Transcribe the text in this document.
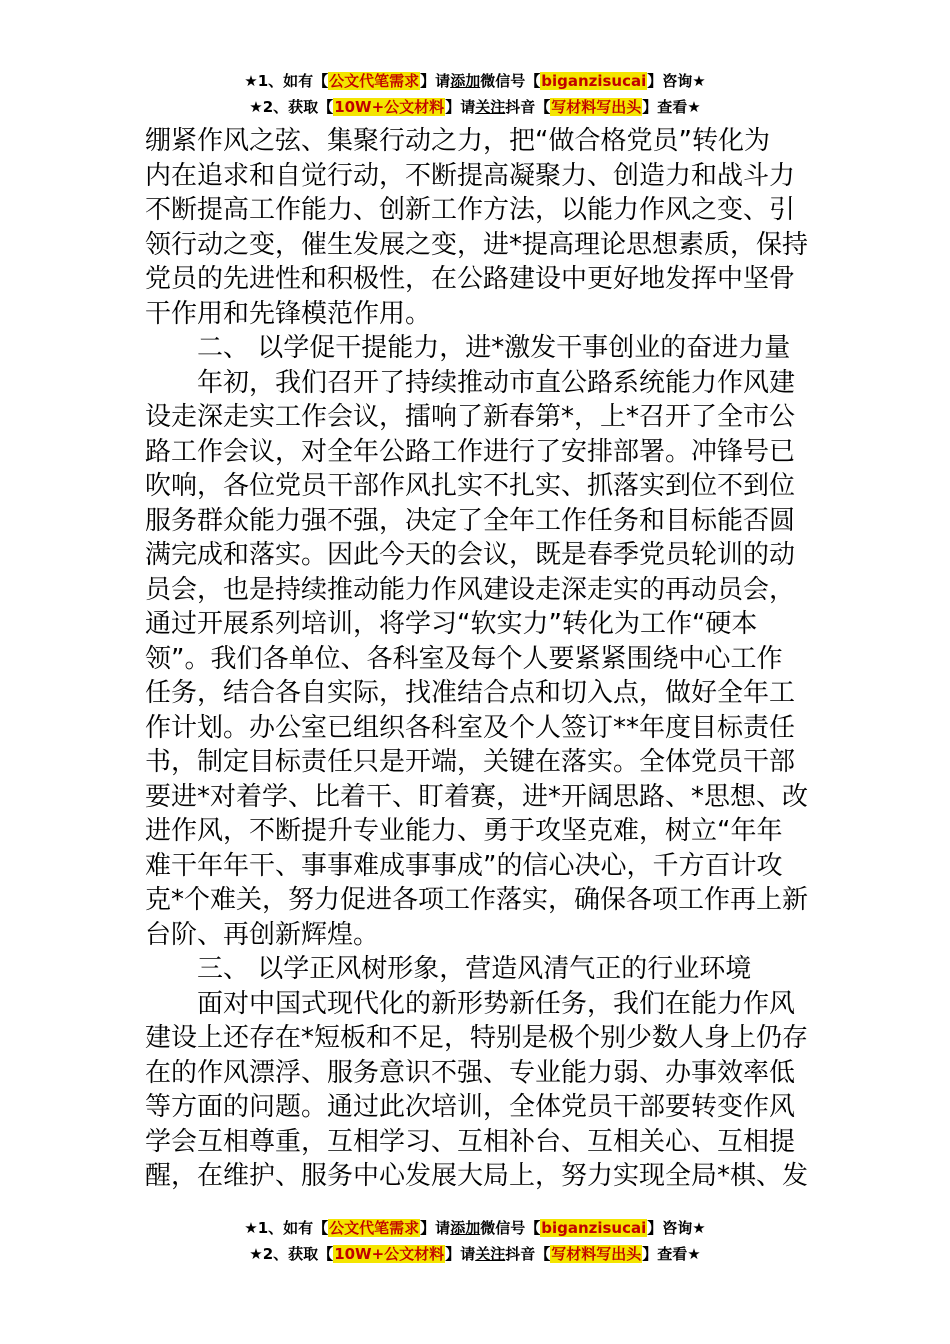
★1、如有【公文代笔需求】请添加微信号【biganzisucai】咨询★
★2、获取【10W+公文材料】请关注抖音【写材料写出头】查看★
绷紧作风之弦、集聚行动之力，把“做合格党员”转化为
内在追求和自觉行动，不断提高凝聚力、创造力和战斗力
不断提高工作能力、创新工作方法，以能力作风之变、引
领行动之变，催生发展之变，进*提高理论思想素质，保持
党员的先进性和积极性，在公路建设中更好地发挥中坚骨
干作用和先锋模范作用。
二、 以学促干提能力，进*激发干事创业的奋进力量
年初，我们召开了持续推动市直公路系统能力作风建
设走深走实工作会议，擂响了新春第*，上*召开了全市公
路工作会议，对全年公路工作进行了安排部署。冲锋号已
吹响，各位党员干部作风扎实不扎实、抓落实到位不到位
服务群众能力强不强，决定了全年工作任务和目标能否圆
满完成和落实。因此今天的会议，既是春季党员轮训的动
员会，也是持续推动能力作风建设走深走实的再动员会，
通过开展系列培训，将学习“软实力”转化为工作“硬本
领”。我们各单位、各科室及每个人要紧紧围绕中心工作
任务，结合各自实际，找准结合点和切入点，做好全年工
作计划。办公室已组织各科室及个人签订**年度目标责任
书，制定目标责任只是开端，关键在落实。全体党员干部
要进*对着学、比着干、盯着赛，进*开阔思路、*思想、改
进作风，不断提升专业能力、勇于攻坚克难，树立“年年
难干年年干、事事难成事事成”的信心决心，千方百计攻
克*个难关，努力促进各项工作落实，确保各项工作再上新
台阶、再创新辉煌。
三、 以学正风树形象，营造风清气正的行业环境
面对中国式现代化的新形势新任务，我们在能力作风
建设上还存在*短板和不足，特别是极个别少数人身上仍存
在的作风漂浮、服务意识不强、专业能力弱、办事效率低
等方面的问题。通过此次培训，全体党员干部要转变作风
学会互相尊重，互相学习、互相补台、互相关心、互相提
醒，在维护、服务中心发展大局上，努力实现全局*棋、发
★1、如有【公文代笔需求】请添加微信号【biganzisucai】咨询★
★2、获取【10W+公文材料】请关注抖音【写材料写出头】查看★
